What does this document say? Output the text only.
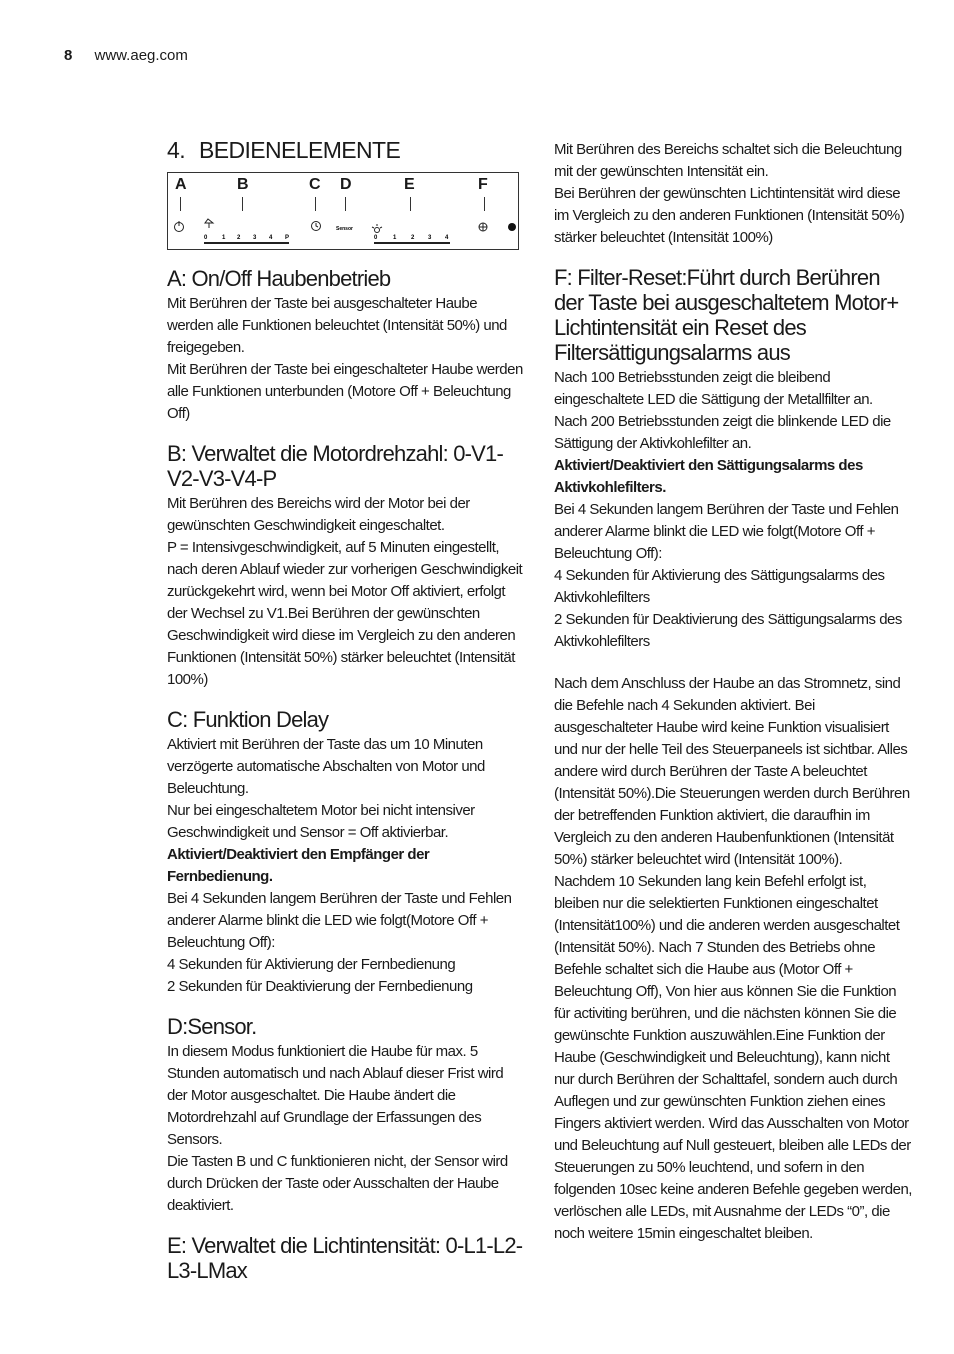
8 www.aeg.com
4. BEDIENELEMENTE
A	B	C D	E	F
0 1 2 3 4 P
Sensor
0	1 2 3 4
A: On/Off Haubenbetrieb

Mit Berühren der Taste bei ausgeschalteter Haube werden alle Funktionen beleuchtet (Intensität 50%) und freigegeben.

Mit Berühren der Taste bei eingeschalteter Haube werden alle Funktionen unterbunden (Motore Off + Beleuchtung Off)

B: Verwaltet die Motordrehzahl: 0-V1-V2-V3-V4-P

Mit Berühren des Bereichs wird der Motor bei der gewünschten Geschwindigkeit eingeschaltet.

P = Intensivgeschwindigkeit, auf 5 Minuten eingestellt, nach deren Ablauf wieder zur vorherigen Geschwindigkeit zurückgekehrt wird, wenn bei Motor Off aktiviert, erfolgt der Wechsel zu V1.Bei Berühren der gewünschten Geschwindigkeit wird diese im Vergleich zu den anderen Funktionen (Intensität 50%) stärker beleuchtet (Intensität 100%)

C: Funktion Delay

Aktiviert mit Berühren der Taste das um 10 Minuten verzögerte automatische Abschalten von Motor und Beleuchtung.

Nur bei eingeschaltetem Motor bei nicht intensiver Geschwindigkeit und Sensor = Off aktivierbar.

Aktiviert/Deaktiviert den Empfänger der Fernbedienung.

Bei 4 Sekunden langem Berühren der Taste und Fehlen anderer Alarme blinkt die LED wie folgt(Motore Off + Beleuchtung Off):

4 Sekunden für Aktivierung der Fernbedienung

2 Sekunden für Deaktivierung der Fernbedienung

D:Sensor.

In diesem Modus funktioniert die Haube für max. 5 Stunden automatisch und nach Ablauf dieser Frist wird der Motor ausgeschaltet. Die Haube ändert die Motordrehzahl auf Grundlage der Erfassungen des Sensors.

Die Tasten B und C funktionieren nicht, der Sensor wird durch Drücken der Taste oder Ausschalten der Haube deaktiviert.

E: Verwaltet die Lichtintensität: 0-L1-L2-L3-LMax

Mit Berühren des Bereichs schaltet sich die Beleuchtung mit der gewünschten Intensität ein.

Bei Berühren der gewünschten Lichtintensität wird diese im Vergleich zu den anderen Funktionen (Intensität 50%) stärker beleuchtet (Intensität 100%)

F: Filter-Reset:Führt durch Berühren der Taste bei ausgeschaltetem Motor+ Lichtintensität ein Reset des Filtersättigungsalarms aus

Nach 100 Betriebsstunden zeigt die bleibend eingeschaltete LED die Sättigung der Metallfilter an.

Nach 200 Betriebsstunden zeigt die blinkende LED die Sättigung der Aktivkohlefilter an.

Aktiviert/Deaktiviert den Sättigungsalarms des Aktivkohlefilters.

Bei 4 Sekunden langem Berühren der Taste und Fehlen anderer Alarme blinkt die LED wie folgt(Motore Off + Beleuchtung Off):

4 Sekunden für Aktivierung des Sättigungsalarms des Aktivkohlefilters

2 Sekunden für Deaktivierung des Sättigungsalarms des Aktivkohlefilters

Nach dem Anschluss der Haube an das Stromnetz, sind die Befehle nach 4 Sekunden aktiviert. Bei ausgeschalteter Haube wird keine Funktion visualisiert und nur der helle Teil des Steuerpaneels ist sichtbar. Alles andere wird durch Berühren der Taste A beleuchtet (Intensität 50%).Die Steuerungen werden durch Berühren der betreffenden Funktion aktiviert, die daraufhin im Vergleich zu den anderen Haubenfunktionen (Intensität 50%) stärker beleuchtet wird (Intensität 100%).

Nachdem 10 Sekunden lang kein Befehl erfolgt ist, bleiben nur die selektierten Funktionen eingeschaltet (Intensität100%) und die anderen werden ausgeschaltet (Intensität 50%). Nach 7 Stunden des Betriebs ohne Befehle schaltet sich die Haube aus (Motor Off + Beleuchtung Off), Von hier aus können Sie die Funktion für activiting berühren, und die nächsten können Sie die gewünschte Funktion auszuwählen.Eine Funktion der Haube (Geschwindigkeit und Beleuchtung), kann nicht nur durch Berühren der Schalttafel, sondern auch durch Auflegen und zur gewünschten Funktion ziehen eines Fingers aktiviert werden. Wird das Ausschalten von Motor und Beleuchtung auf Null gesteuert, bleiben alle LEDs der Steuerungen zu 50% leuchtend, und sofern in den folgenden 10sec keine anderen Befehle gegeben werden, verlöschen alle LEDs, mit Ausnahme der LEDs “0”, die noch weitere 15min eingeschaltet bleiben.
